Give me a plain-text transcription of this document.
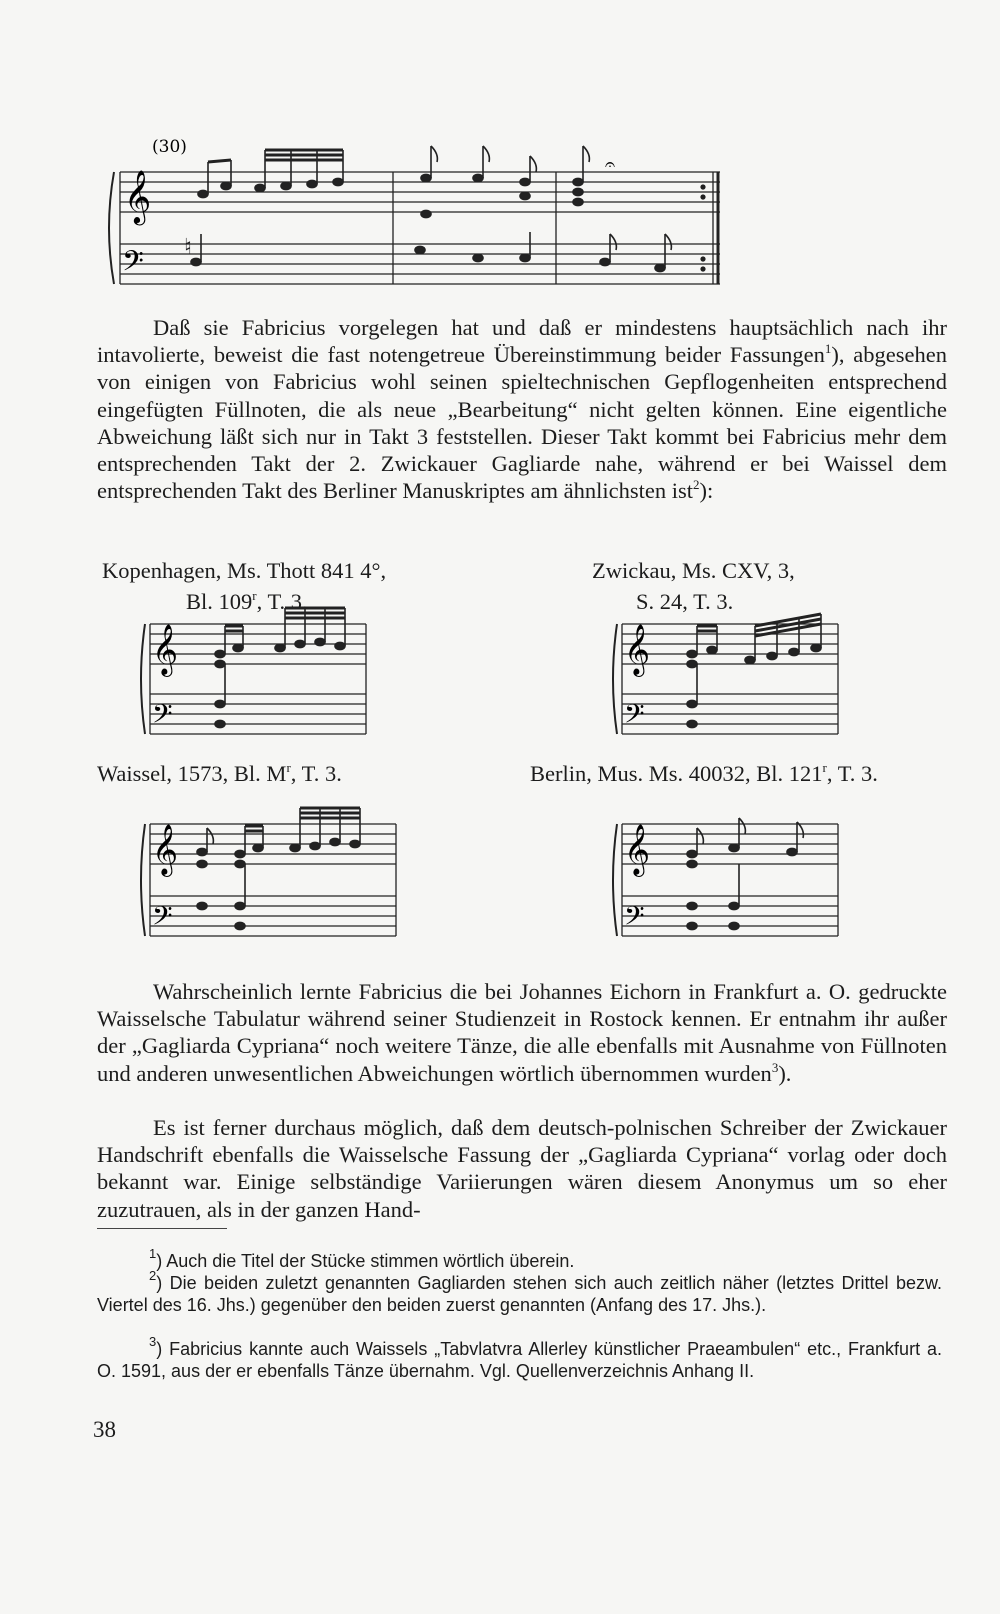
(30)
𝄞
𝄢
𝄐
♮

Daß sie Fabricius vorgelegen hat und daß er mindestens hauptsächlich nach ihr intavolierte, beweist die fast notengetreue Übereinstimmung beider Fassungen$^1$), abgesehen von einigen von Fabricius wohl seinen spieltechnischen Gepflogenheiten entsprechend eingefügten Füllnoten, die als neue „Bearbeitung“ nicht gelten können. Eine eigentliche Abweichung läßt sich nur in Takt 3 feststellen. Dieser Takt kommt bei Fabricius mehr dem entsprechenden Takt der 2. Zwickauer Gagliarde nahe, während er bei Waissel dem entsprechenden Takt des Berliner Manuskriptes am ähnlichsten ist$^2$):

Kopenhagen, Ms. Thott 841 4°,
Bl. 109$^r$, T. 3.

Zwickau, Ms. CXV, 3,
S. 24, T. 3.

𝄞
𝄢
𝄞
𝄢

Waissel, 1573, Bl. $M^r$, T. 3.	Berlin, Mus. Ms. 40032, Bl. 121$^r$, T. 3.

𝄞
𝄢
𝄞
𝄢

Wahrscheinlich lernte Fabricius die bei Johannes Eichorn in Frankfurt a. O. gedruckte Waisselsche Tabulatur während seiner Studienzeit in Rostock kennen. Er entnahm ihr außer der „Gagliarda Cypriana“ noch weitere Tänze, die alle ebenfalls mit Ausnahme von Füllnoten und anderen unwesentlichen Abweichungen wörtlich übernommen wurden$^3$).

Es ist ferner durchaus möglich, daß dem deutsch-polnischen Schreiber der Zwickauer Handschrift ebenfalls die Waisselsche Fassung der „Gagliarda Cypriana“ vorlag oder doch bekannt war. Einige selbständige Variierungen wären diesem Anonymus um so eher zuzutrauen, als in der ganzen Hand-

$^1$) Auch die Titel der Stücke stimmen wörtlich überein.

$^2$) Die beiden zuletzt genannten Gagliarden stehen sich auch zeitlich näher (letztes Drittel bezw. Viertel des 16. Jhs.) gegenüber den beiden zuerst genannten (Anfang des 17. Jhs.).

$^3$) Fabricius kannte auch Waissels „Tabvlatvra Allerley künstlicher Praeambulen“ etc., Frankfurt a. O. 1591, aus der er ebenfalls Tänze übernahm. Vgl. Quellenverzeichnis Anhang II.

38
